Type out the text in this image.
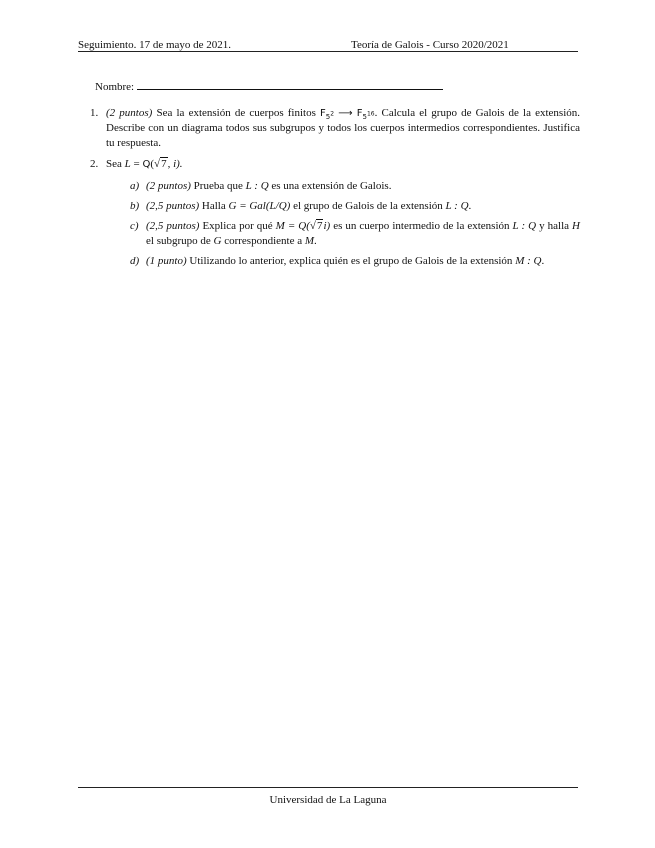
Seguimiento. 17 de mayo de 2021.	Teoría de Galois - Curso 2020/2021
Nombre:
1. (2 puntos) Sea la extensión de cuerpos finitos $F_{5^2}$ ⟶ $F_{5^{16}}$. Calcula el grupo de Galois de la extensión. Describe con un diagrama todos sus subgrupos y todos los cuerpos intermedios correspondientes. Justifica tu respuesta.
2. Sea L = Q(√7, i).
a) (2 puntos) Prueba que L : Q es una extensión de Galois.
b) (2,5 puntos) Halla G = Gal(L/Q) el grupo de Galois de la extensión L : Q.
c) (2,5 puntos) Explica por qué M = Q(√7i) es un cuerpo intermedio de la extensión L : Q y halla H el subgrupo de G correspondiente a M.
d) (1 punto) Utilizando lo anterior, explica quién es el grupo de Galois de la extensión M : Q.
Universidad de La Laguna
